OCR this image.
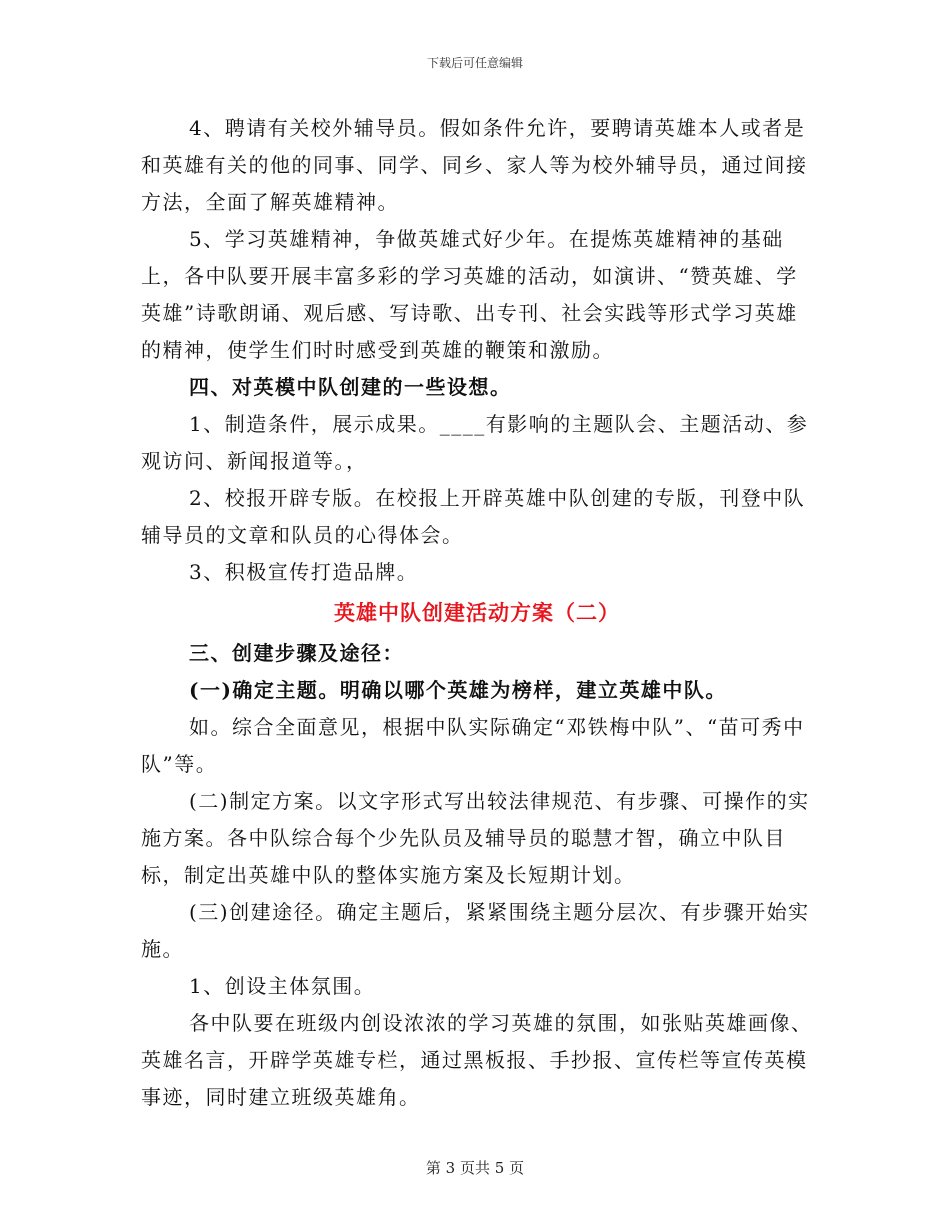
下载后可任意编辑

4、聘请有关校外辅导员。假如条件允许，要聘请英雄本人或者是和英雄有关的他的同事、同学、同乡、家人等为校外辅导员，通过间接方法，全面了解英雄精神。

5、学习英雄精神，争做英雄式好少年。在提炼英雄精神的基础上，各中队要开展丰富多彩的学习英雄的活动，如演讲、“赞英雄、学英雄”诗歌朗诵、观后感、写诗歌、出专刊、社会实践等形式学习英雄的精神，使学生们时时感受到英雄的鞭策和激励。

四、对英模中队创建的一些设想。

1、制造条件，展示成果。____有影响的主题队会、主题活动、参观访问、新闻报道等。，

2、校报开辟专版。在校报上开辟英雄中队创建的专版，刊登中队辅导员的文章和队员的心得体会。

3、积极宣传打造品牌。

英雄中队创建活动方案（二）

三、创建步骤及途径：

(一)确定主题。明确以哪个英雄为榜样，建立英雄中队。

如。综合全面意见，根据中队实际确定“邓铁梅中队”、“苗可秀中队”等。

(二)制定方案。以文字形式写出较法律规范、有步骤、可操作的实施方案。各中队综合每个少先队员及辅导员的聪慧才智，确立中队目标，制定出英雄中队的整体实施方案及长短期计划。

(三)创建途径。确定主题后，紧紧围绕主题分层次、有步骤开始实施。

1、创设主体氛围。

各中队要在班级内创设浓浓的学习英雄的氛围，如张贴英雄画像、英雄名言，开辟学英雄专栏，通过黑板报、手抄报、宣传栏等宣传英模事迹，同时建立班级英雄角。

第 3 页共 5 页
